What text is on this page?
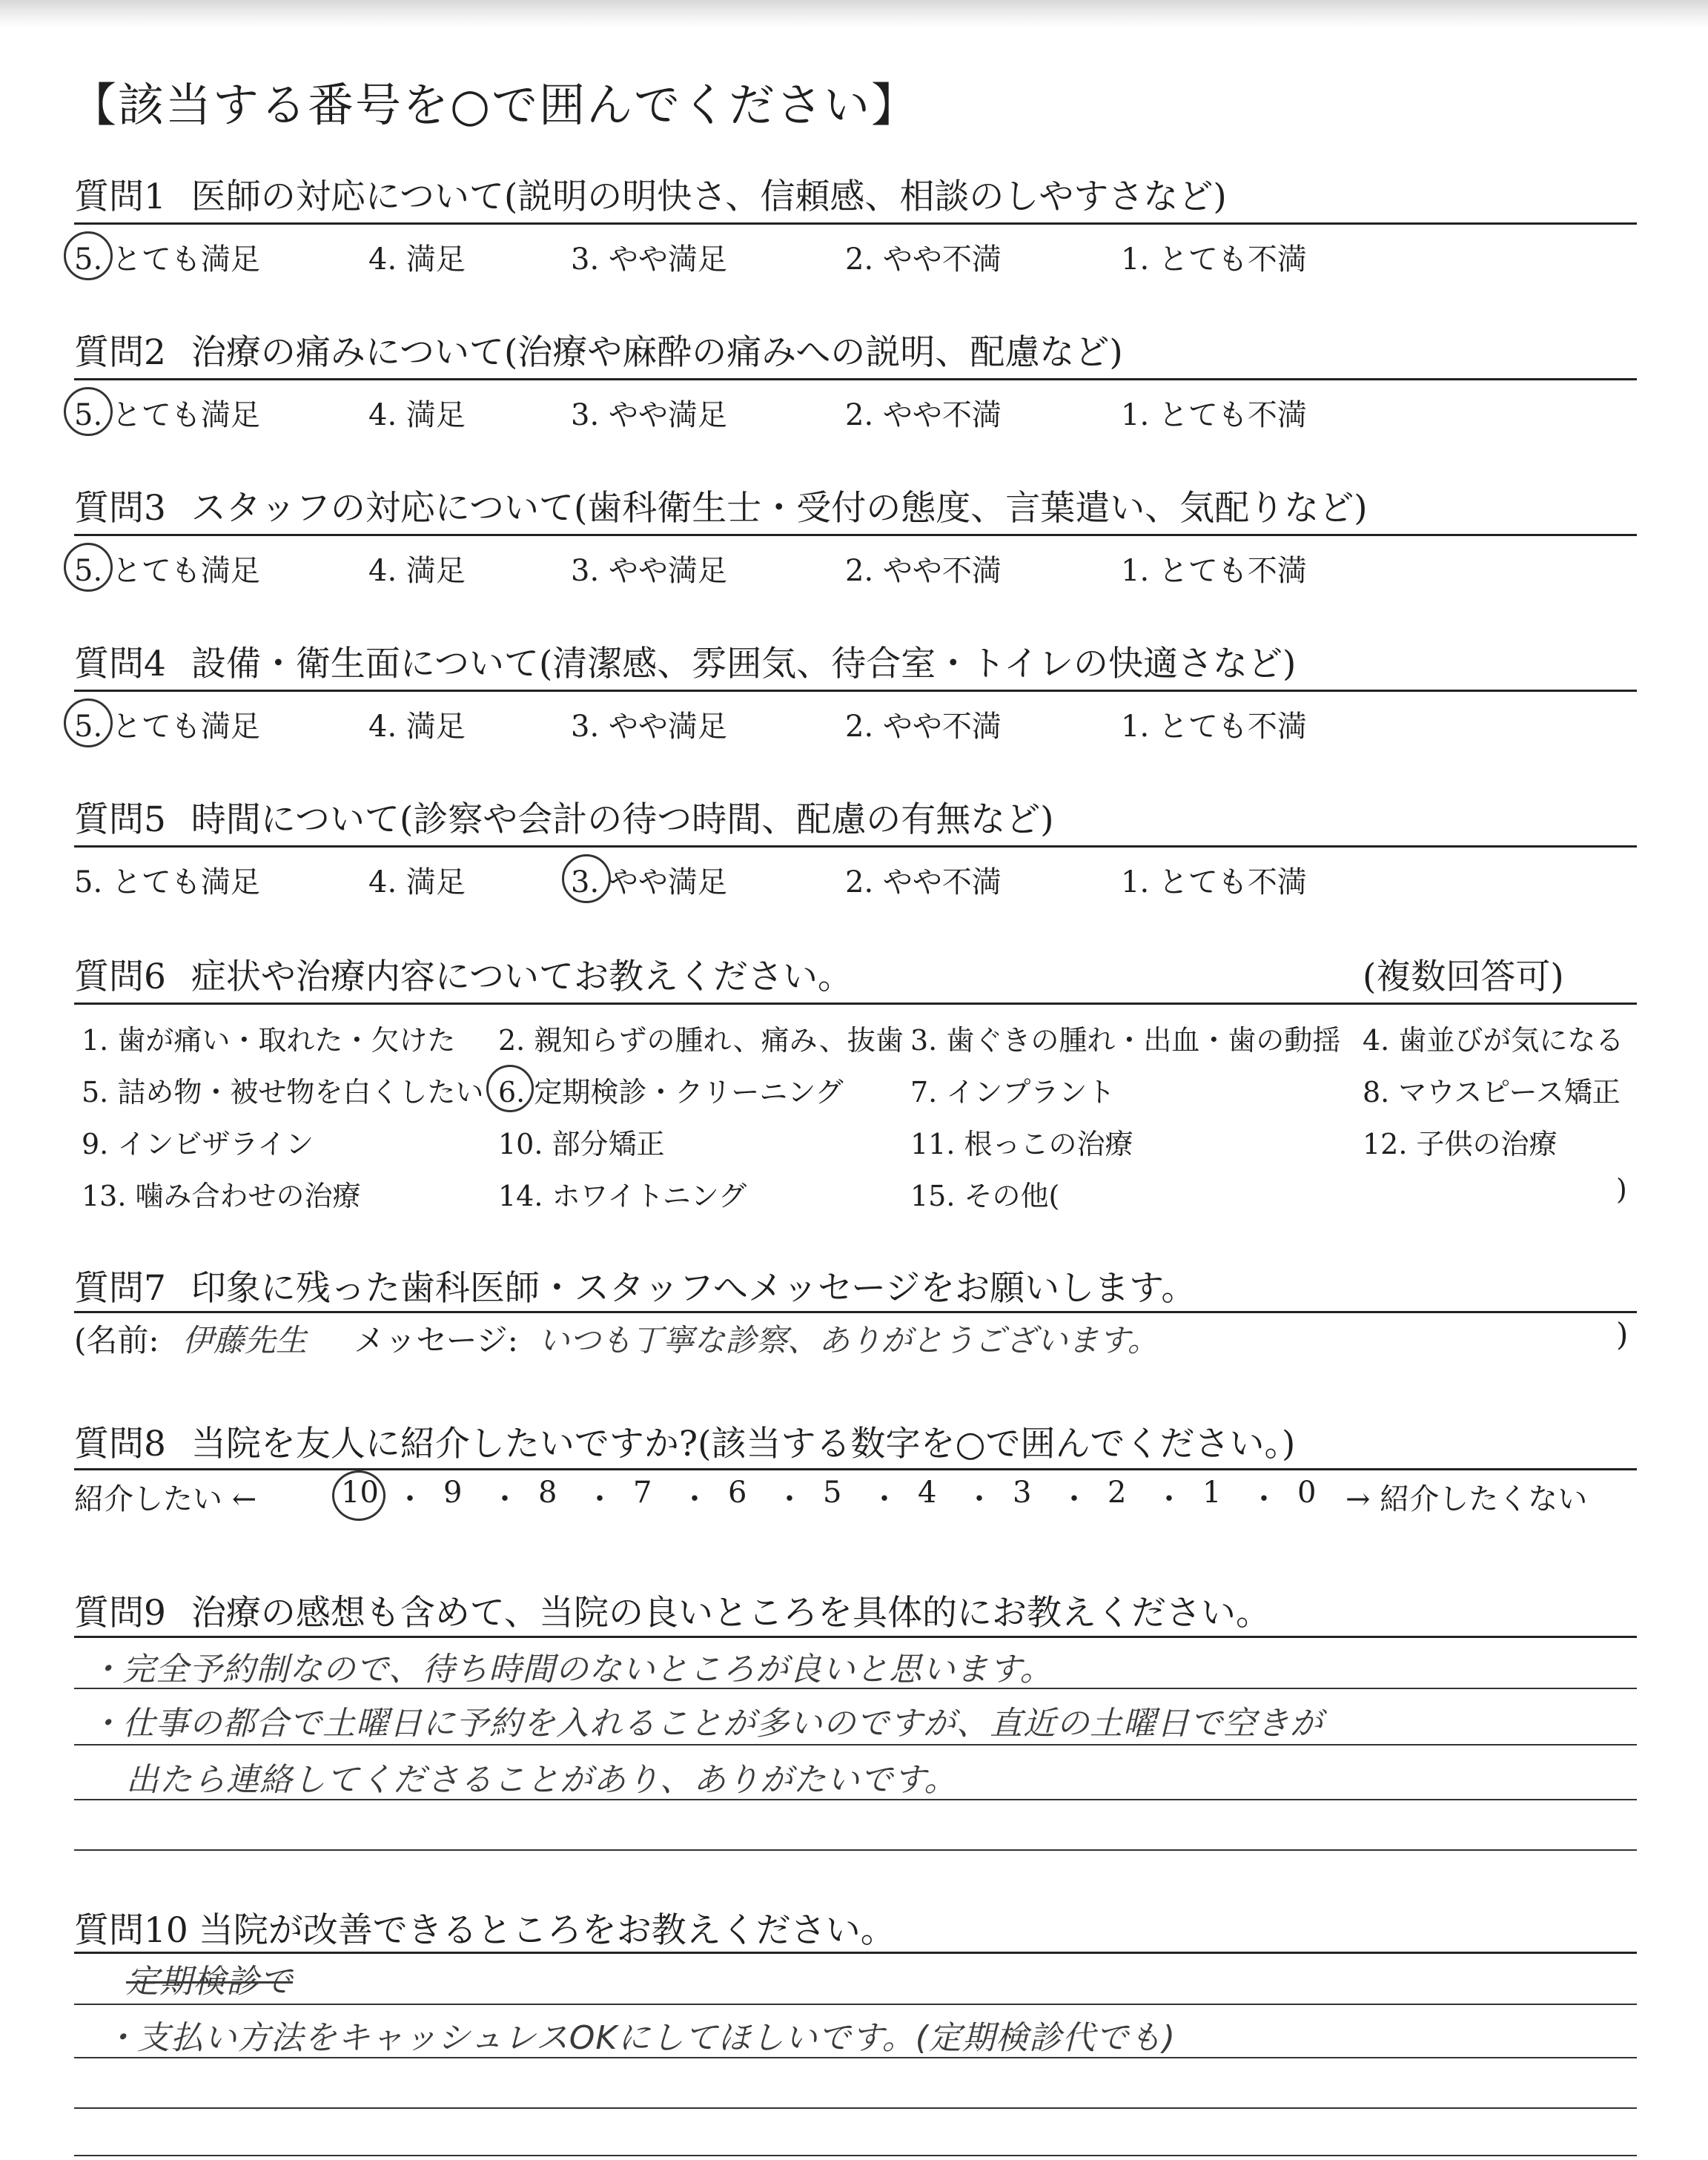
【該当する番号を○で囲んでください】
質問1 医師の対応について(説明の明快さ、信頼感、相談のしやすさなど)
5. とても満足	4. 満足	3. やや満足	2. やや不満	1. とても不満
質問2 治療の痛みについて(治療や麻酔の痛みへの説明、配慮など)
5. とても満足	4. 満足	3. やや満足	2. やや不満	1. とても不満
質問3 スタッフの対応について(歯科衛生士・受付の態度、言葉遣い、気配りなど)
5. とても満足	4. 満足	3. やや満足	2. やや不満	1. とても不満
質問4 設備・衛生面について(清潔感、雰囲気、待合室・トイレの快適さなど)
5. とても満足	4. 満足	3. やや満足	2. やや不満	1. とても不満
質問5 時間について(診察や会計の待つ時間、配慮の有無など)
5. とても満足	4. 満足	3. やや満足	2. やや不満	1. とても不満
質問6 症状や治療内容についてお教えください。	(複数回答可)
1. 歯が痛い・取れた・欠けた 2. 親知らずの腫れ、痛み、抜歯 3. 歯ぐきの腫れ・出血・歯の動揺 4. 歯並びが気になる
5. 詰め物・被せ物を白くしたい 6. 定期検診・クリーニング 7. インプラント	8. マウスピース矯正
9. インビザライン	10. 部分矯正	11. 根っこの治療	12. 子供の治療
13. 噛み合わせの治療	14. ホワイトニング	15. その他(	)
質問7 印象に残った歯科医師・スタッフへメッセージをお願いします。
(名前: 伊藤先生 メッセージ: いつも丁寧な診察、ありがとうございます。	)
質問8 当院を友人に紹介したいですか?(該当する数字を○で囲んでください。)
紹介したい ←	10 ・ 9 ・ 8 ・ 7 ・ 6 ・ 5 ・ 4 ・ 3 ・ 2 ・ 1 ・ 0 → 紹介したくない
質問9 治療の感想も含めて、当院の良いところを具体的にお教えください。
・完全予約制なので、待ち時間のないところが良いと思います。
・仕事の都合で土曜日に予約を入れることが多いのですが、直近の土曜日で空きが
出たら連絡してくださることがあり、ありがたいです。
質問10 当院が改善できるところをお教えください。
定期検診で
・支払い方法をキャッシュレスOKにしてほしいです。(定期検診代でも)
